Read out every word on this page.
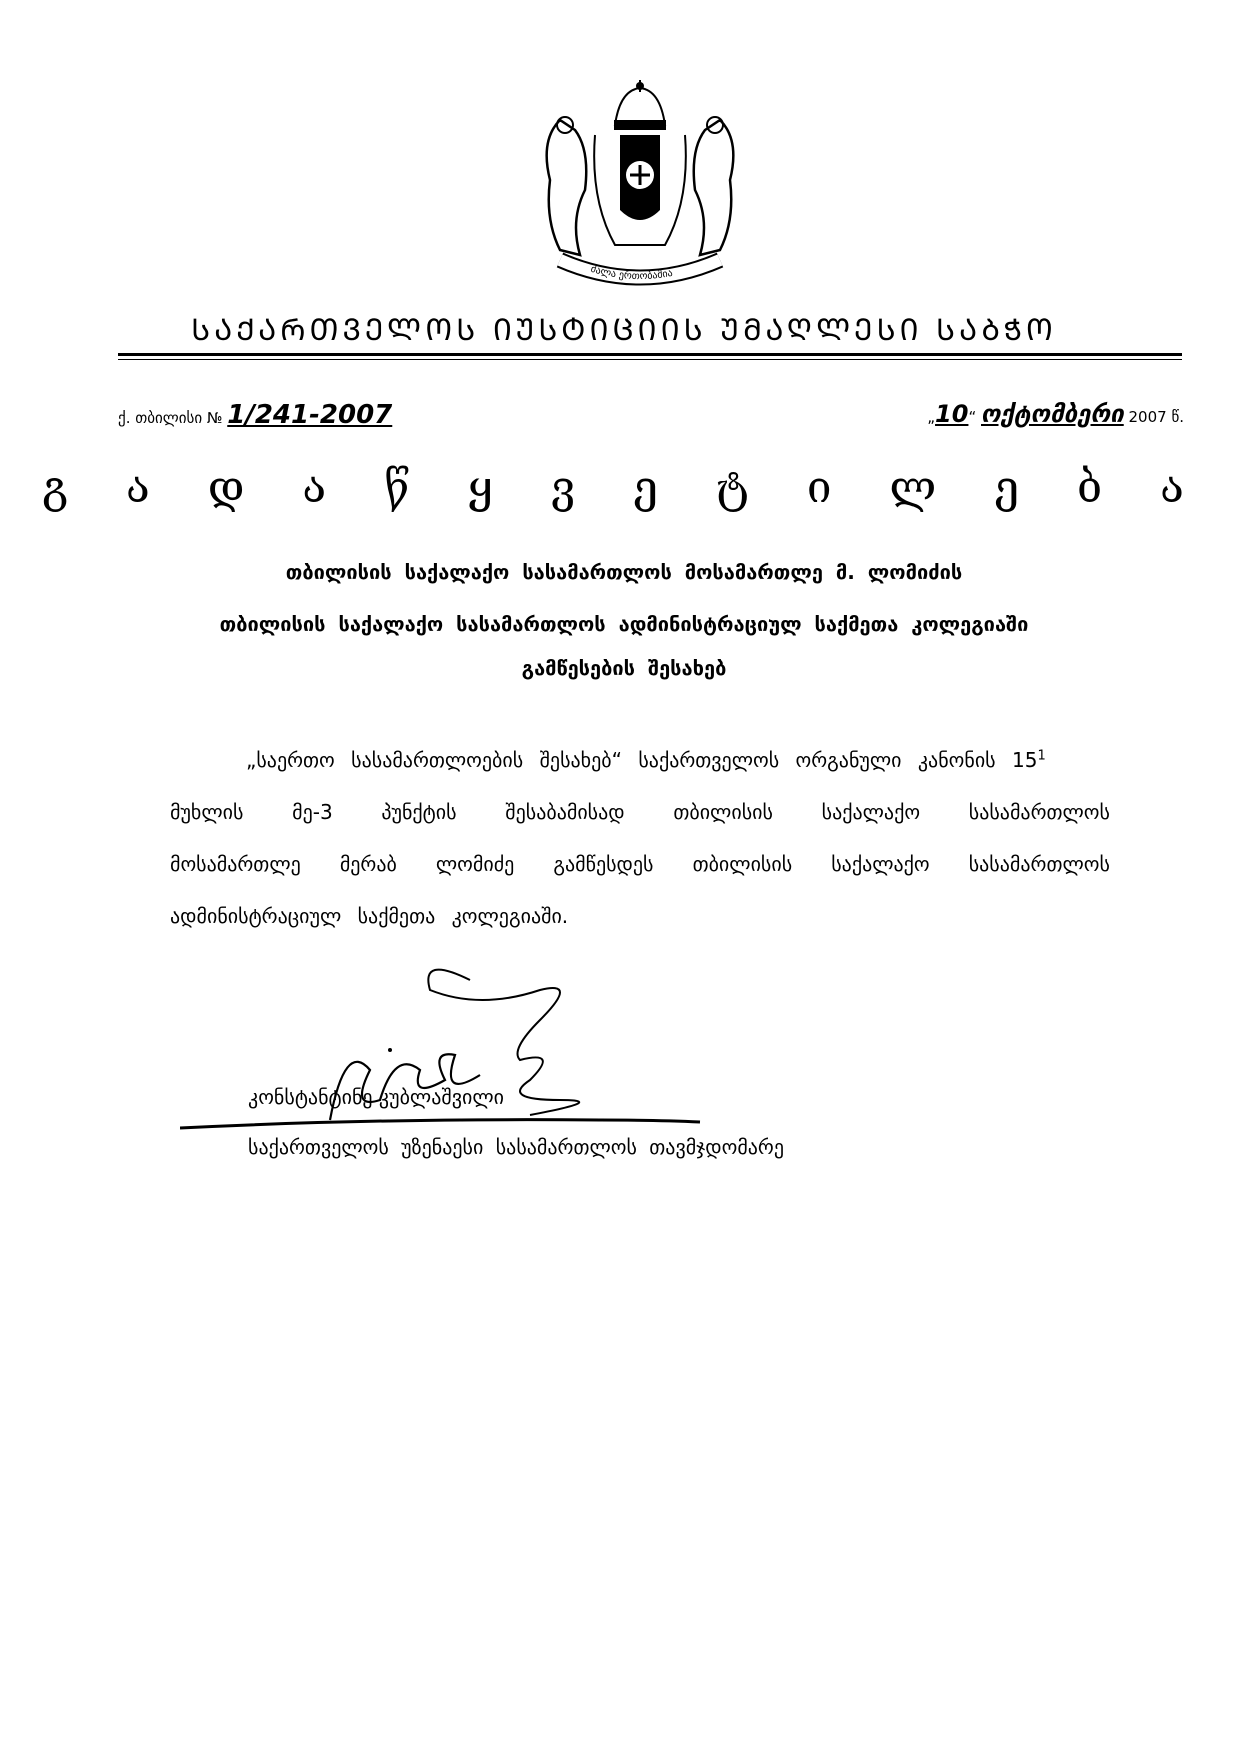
ძალა ერთობაშია
ᲡᲐᲥᲐᲠᲗᲕᲔᲚᲝᲡ ᲘᲣᲡᲢᲘᲪᲘᲘᲡ ᲣᲛᲐᲦᲚᲔᲡᲘ ᲡᲐᲑᲭᲝ
ქ. თბილისი № 1/241-2007	„10“ ოქტომბერი 2007 წ.
გ ა დ ა წ ყ ვ ე ტ ი ლ ე ბ ა
თბილისის საქალაქო სასამართლოს მოსამართლე მ. ლომიძის
თბილისის საქალაქო სასამართლოს ადმინისტრაციულ საქმეთა კოლეგიაში
გამწესების შესახებ
„საერთო სასამართლოების შესახებ“ საქართველოს ორგანული კანონის $15^1$
მუხლის მე-3 პუნქტის შესაბამისად თბილისის საქალაქო სასამართლოს
მოსამართლე მერაბ ლომიძე გამწესდეს თბილისის საქალაქო სასამართლოს
ადმინისტრაციულ საქმეთა კოლეგიაში.
კონსტანტინე კუბლაშვილი
საქართველოს უზენაესი სასამართლოს თავმჯდომარე
